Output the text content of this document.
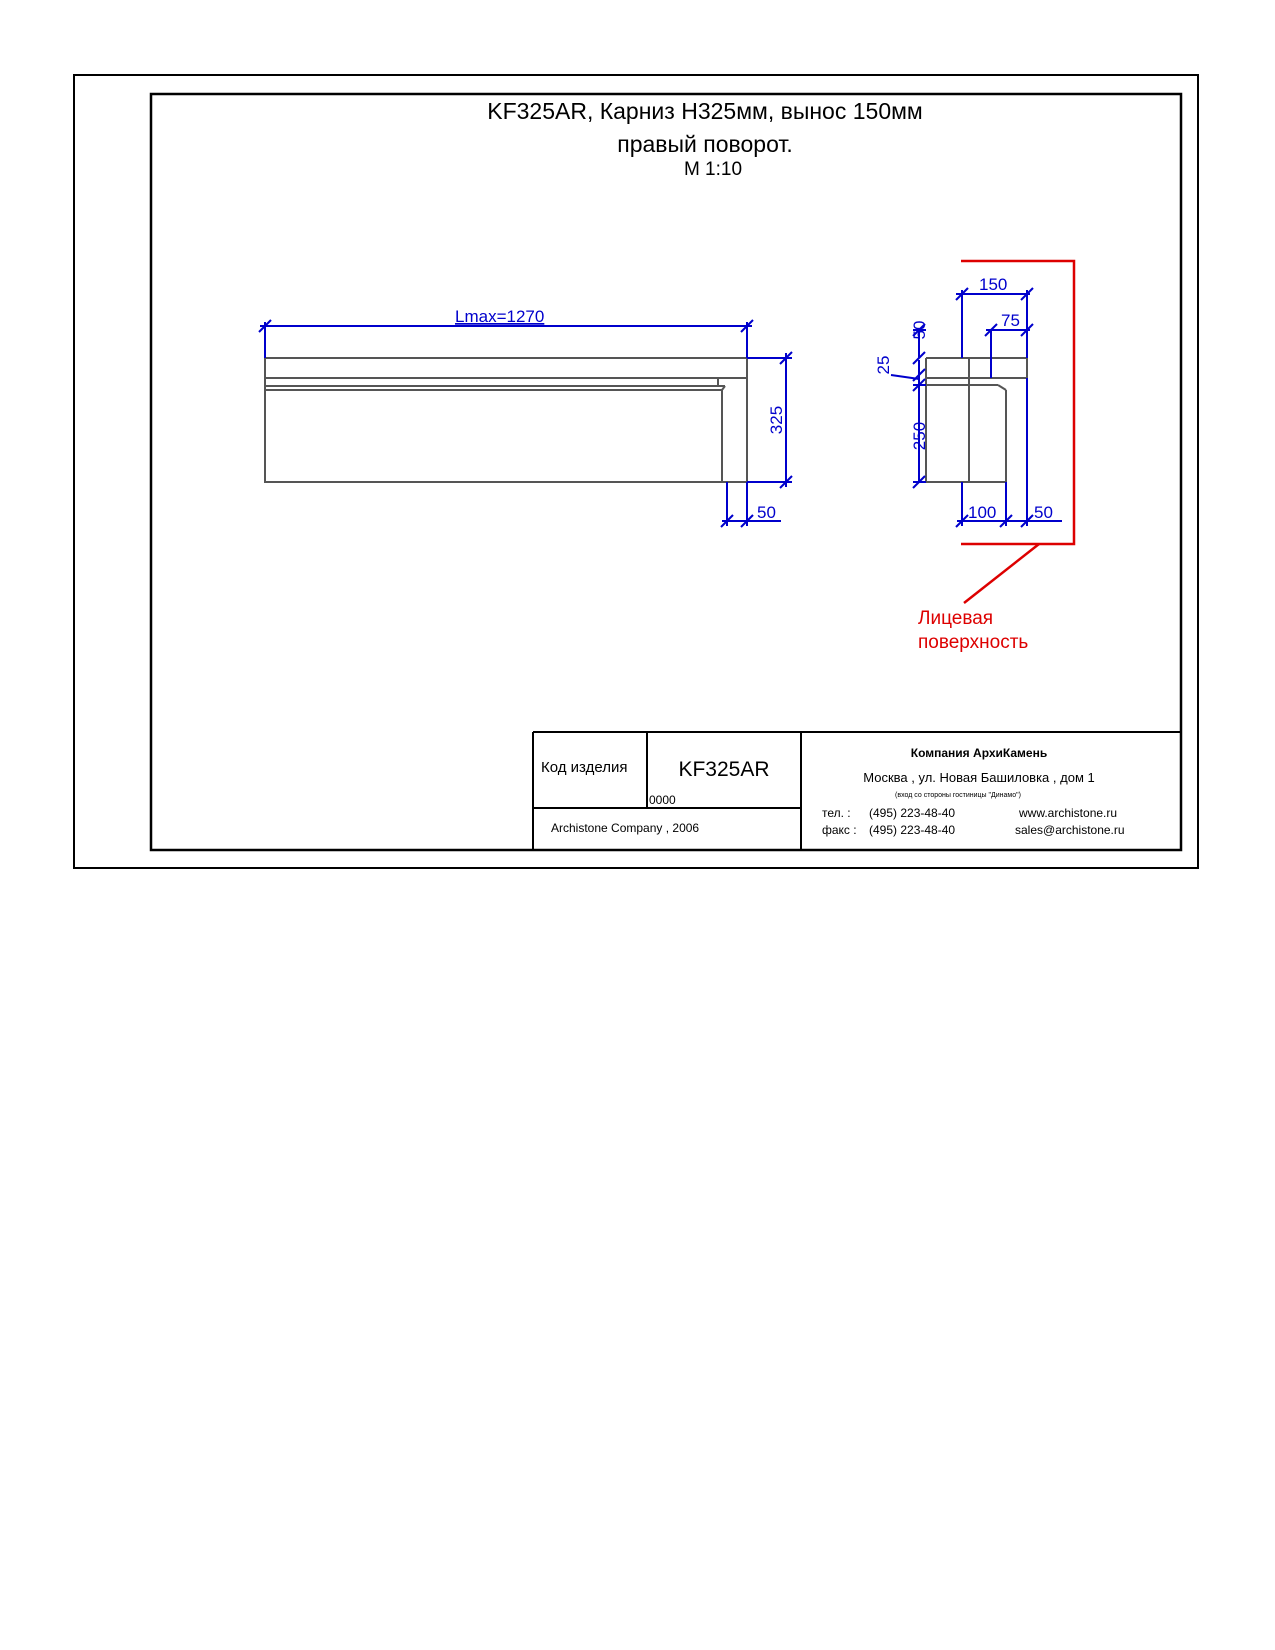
KF325AR, Карниз Н325мм, вынос 150мм
правый поворот.
М 1:10
Lmax=1270
325
50
150
75
50
25
250
100 50
Лицевая
поверхность
Код изделия KF325AR
0000
Archistone Company , 2006
Компания АрхиКамень
Москва , ул. Новая Башиловка , дом 1
(вход со стороны гостиницы "Динамо")
тел. : (495) 223-48-40
факс : (495) 223-48-40
www.archistone.ru
sales@archistone.ru
